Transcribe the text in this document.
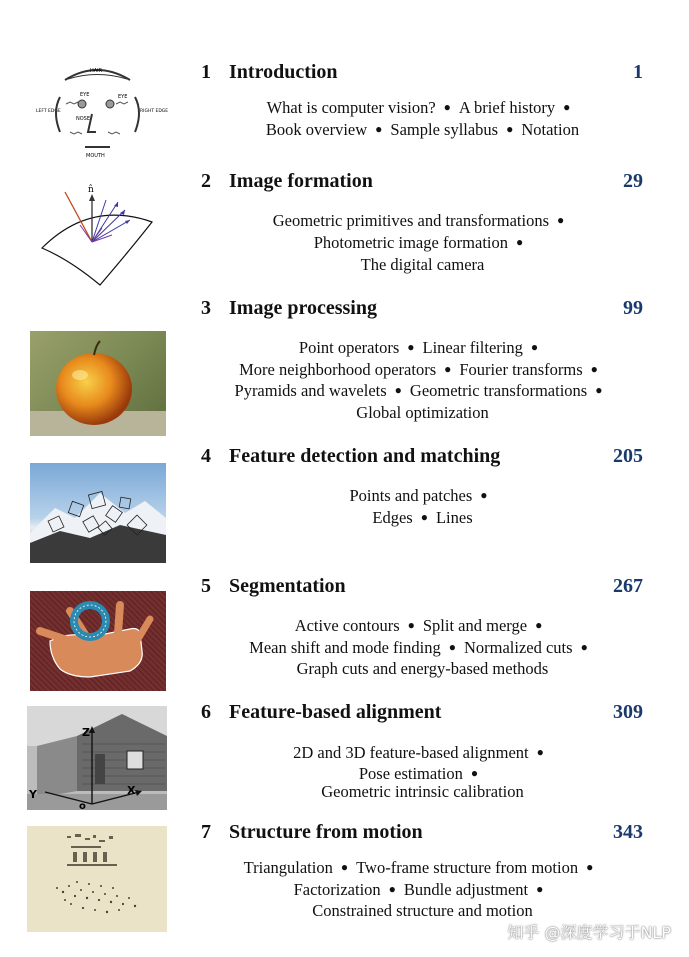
HAIR
EYE	EYE
LEFT EDGE	RIGHT EDGE
NOSE
MOUTH
1 Introduction	1
What is computer vision? ● A brief history ●
Book overview ● Sample syllabus ● Notation
n̂	2 Image formation	29
Geometric primitives and transformations ●
Photometric image formation ●
The digital camera
3 Image processing	99
Point operators ● Linear filtering ●
More neighborhood operators ● Fourier transforms ●
Pyramids and wavelets ● Geometric transformations ●
Global optimization
4 Feature detection and matching	205
Points and patches ●
Edges ● Lines
5 Segmentation	267
Active contours ● Split and merge ●
Mean shift and mode finding ● Normalized cuts ●
Graph cuts and energy-based methods
Z
Y	X
o
6 Feature-based alignment	309
2D and 3D feature-based alignment ●
Pose estimation ●
Geometric intrinsic calibration
7 Structure from motion	343
Triangulation ● Two-frame structure from motion ●
Factorization ● Bundle adjustment ●
Constrained structure and motion
知乎 @深度学习于NLP
